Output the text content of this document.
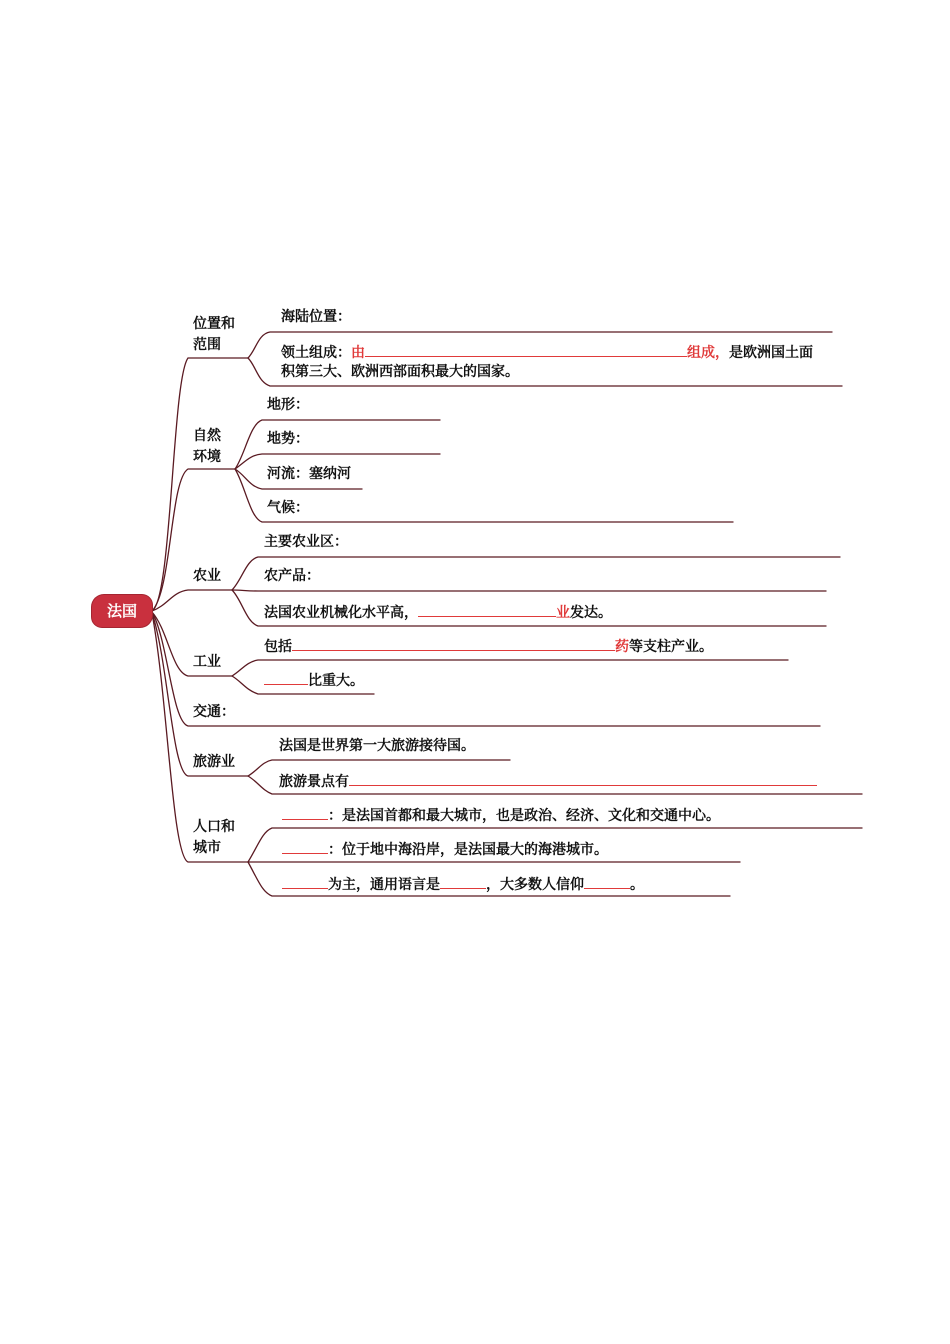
法国
位置和
范围
自然
环境
农业
工业
交通：
旅游业
人口和
城市
海陆位置：
领土组成：由	组成，是欧洲国土面
积第三大、欧洲西部面积最大的国家。
地形：
地势：
河流：塞纳河
气候：
主要农业区：
农产品：
法国农业机械化水平高，	业发达。
包括	药等支柱产业。
比重大。
法国是世界第一大旅游接待国。
旅游景点有
：是法国首都和最大城市，也是政治、经济、文化和交通中心。
：位于地中海沿岸，是法国最大的海港城市。
为主，通用语言是	，大多数人信仰	。
